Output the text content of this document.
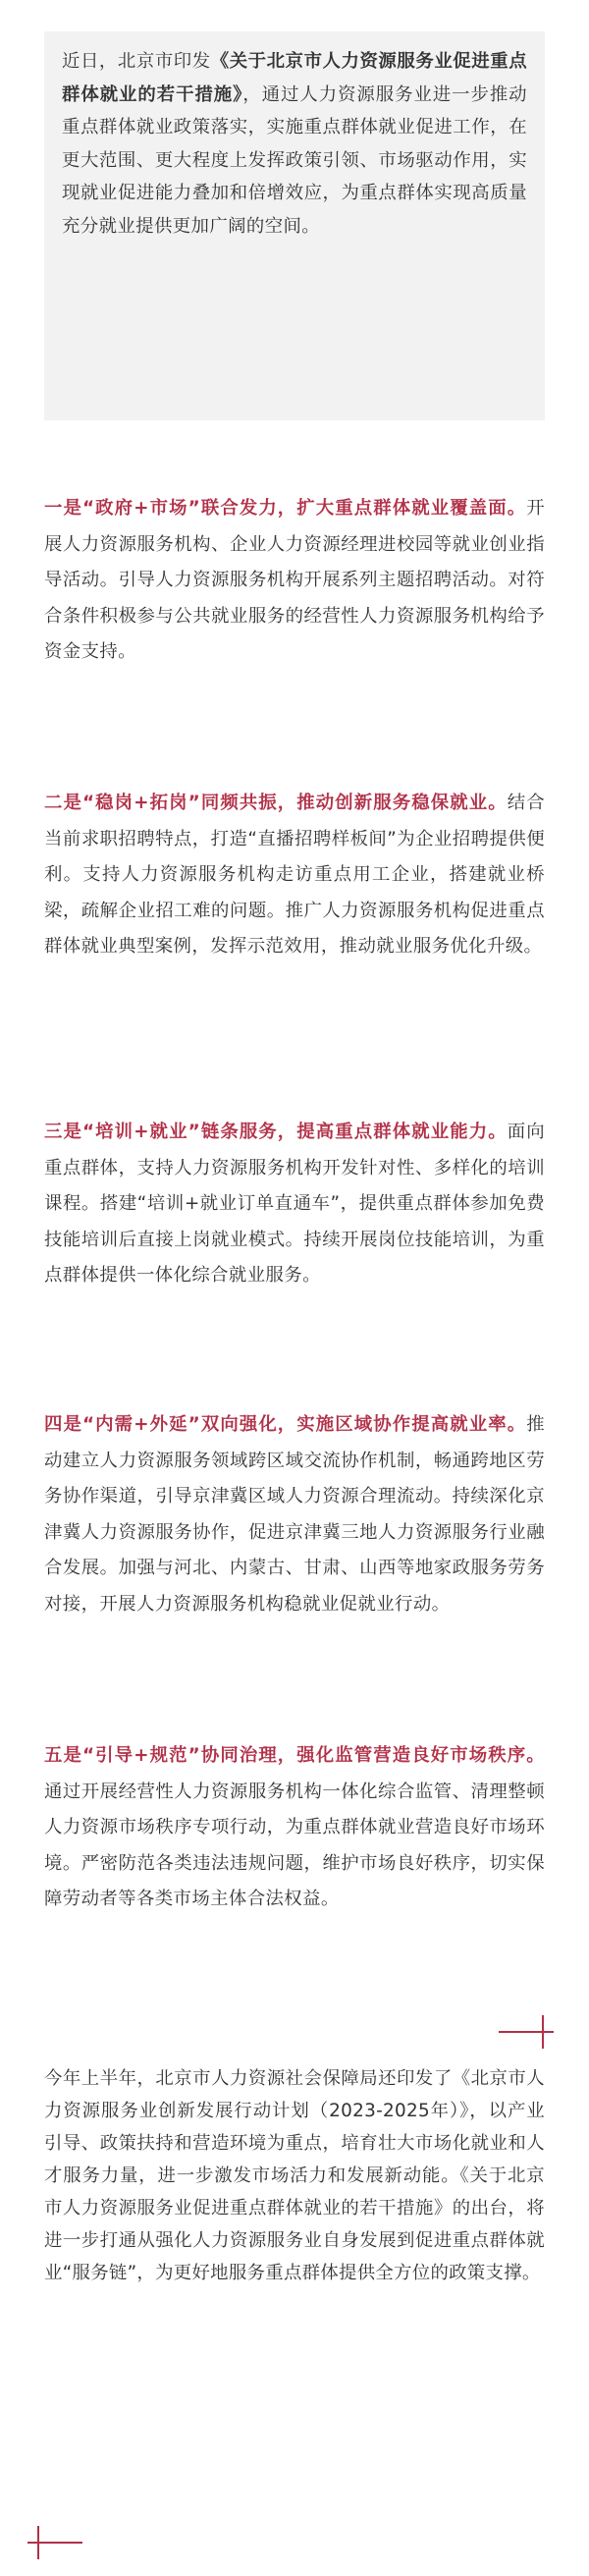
近日，北京市印发《关于北京市人力资源服务业促进重点群体就业的若干措施》，通过人力资源服务业进一步推动重点群体就业政策落实，实施重点群体就业促进工作，在更大范围、更大程度上发挥政策引领、市场驱动作用，实现就业促进能力叠加和倍增效应，为重点群体实现高质量充分就业提供更加广阔的空间。
一是“政府+市场”联合发力，扩大重点群体就业覆盖面。开展人力资源服务机构、企业人力资源经理进校园等就业创业指导活动。引导人力资源服务机构开展系列主题招聘活动。对符合条件积极参与公共就业服务的经营性人力资源服务机构给予资金支持。
二是“稳岗+拓岗”同频共振，推动创新服务稳保就业。结合当前求职招聘特点，打造“直播招聘样板间”为企业招聘提供便利。支持人力资源服务机构走访重点用工企业，搭建就业桥梁，疏解企业招工难的问题。推广人力资源服务机构促进重点群体就业典型案例，发挥示范效用，推动就业服务优化升级。
三是“培训+就业”链条服务，提高重点群体就业能力。面向重点群体，支持人力资源服务机构开发针对性、多样化的培训课程。搭建“培训+就业订单直通车”，提供重点群体参加免费技能培训后直接上岗就业模式。持续开展岗位技能培训，为重点群体提供一体化综合就业服务。
四是“内需+外延”双向强化，实施区域协作提高就业率。推动建立人力资源服务领域跨区域交流协作机制，畅通跨地区劳务协作渠道，引导京津冀区域人力资源合理流动。持续深化京津冀人力资源服务协作，促进京津冀三地人力资源服务行业融合发展。加强与河北、内蒙古、甘肃、山西等地家政服务劳务对接，开展人力资源服务机构稳就业促就业行动。
五是“引导+规范”协同治理，强化监管营造良好市场秩序。通过开展经营性人力资源服务机构一体化综合监管、清理整顿人力资源市场秩序专项行动，为重点群体就业营造良好市场环境。严密防范各类违法违规问题，维护市场良好秩序，切实保障劳动者等各类市场主体合法权益。
今年上半年，北京市人力资源社会保障局还印发了《北京市人力资源服务业创新发展行动计划（2023-2025年）》，以产业引导、政策扶持和营造环境为重点，培育壮大市场化就业和人才服务力量，进一步激发市场活力和发展新动能。《关于北京市人力资源服务业促进重点群体就业的若干措施》的出台，将进一步打通从强化人力资源服务业自身发展到促进重点群体就业“服务链”，为更好地服务重点群体提供全方位的政策支撑。
